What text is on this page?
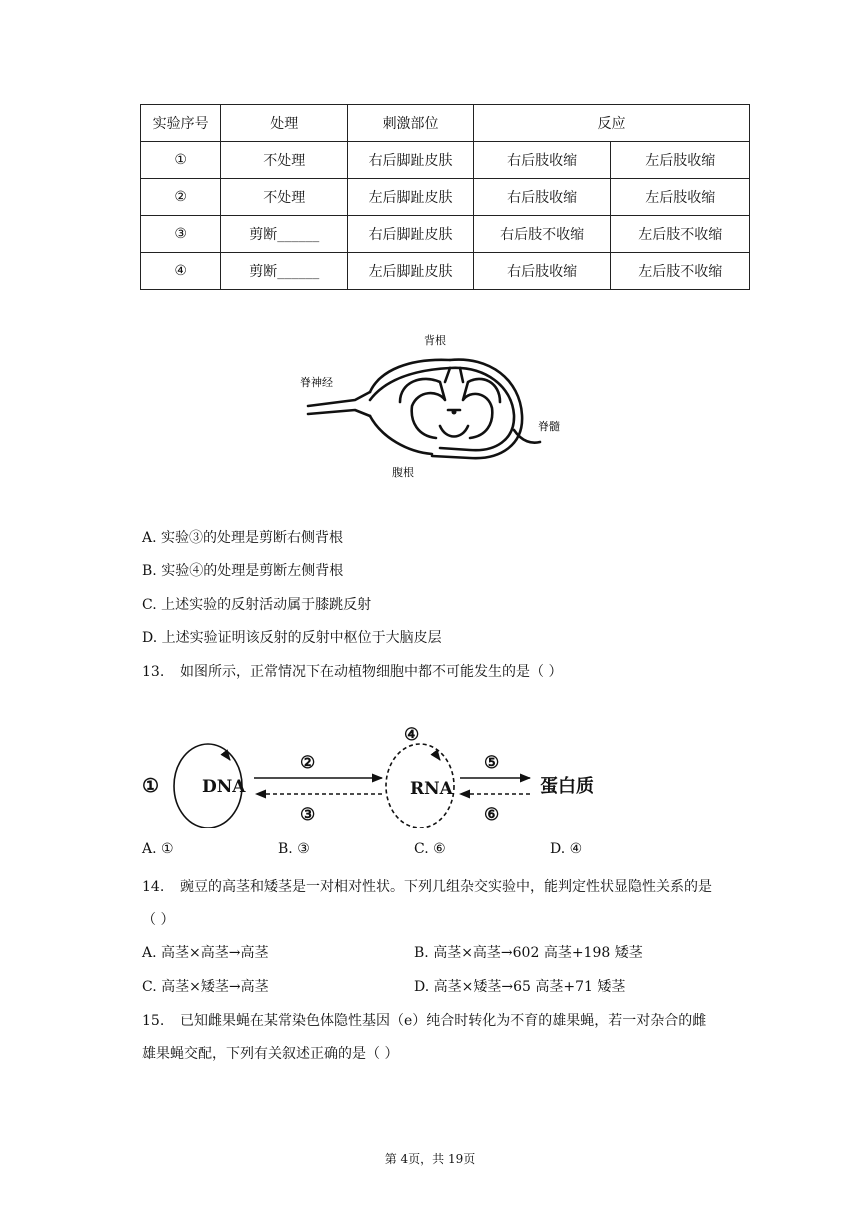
实验序号	处理	刺激部位	反应	
①	不处理	右后脚趾皮肤	右后肢收缩	左后肢收缩
②	不处理	左后脚趾皮肤	右后肢收缩	左后肢收缩
③	剪断______	右后脚趾皮肤	右后肢不收缩	左后肢不收缩
④	剪断______	左后脚趾皮肤	右后肢收缩	左后肢不收缩
背根
脊神经
脊髓
腹根
A. 实验③的处理是剪断右侧背根
B. 实验④的处理是剪断左侧背根
C. 上述实验的反射活动属于膝跳反射
D. 上述实验证明该反射的反射中枢位于大脑皮层
13. 如图所示，正常情况下在动植物细胞中都不可能发生的是（ ）
①	DNA
②
③
④
RNA
⑤
⑥
蛋白质
A. ①	B. ③	C. ⑥	D. ④
14. 豌豆的高茎和矮茎是一对相对性状。下列几组杂交实验中，能判定性状显隐性关系的是
（ ）
A. 高茎×高茎→高茎	B. 高茎×高茎→602 高茎+198 矮茎
C. 高茎×矮茎→高茎	D. 高茎×矮茎→65 高茎+71 矮茎
15. 已知雌果蝇在某常染色体隐性基因（e）纯合时转化为不育的雄果蝇，若一对杂合的雌
雄果蝇交配，下列有关叙述正确的是（ ）
第 4页，共 19页
